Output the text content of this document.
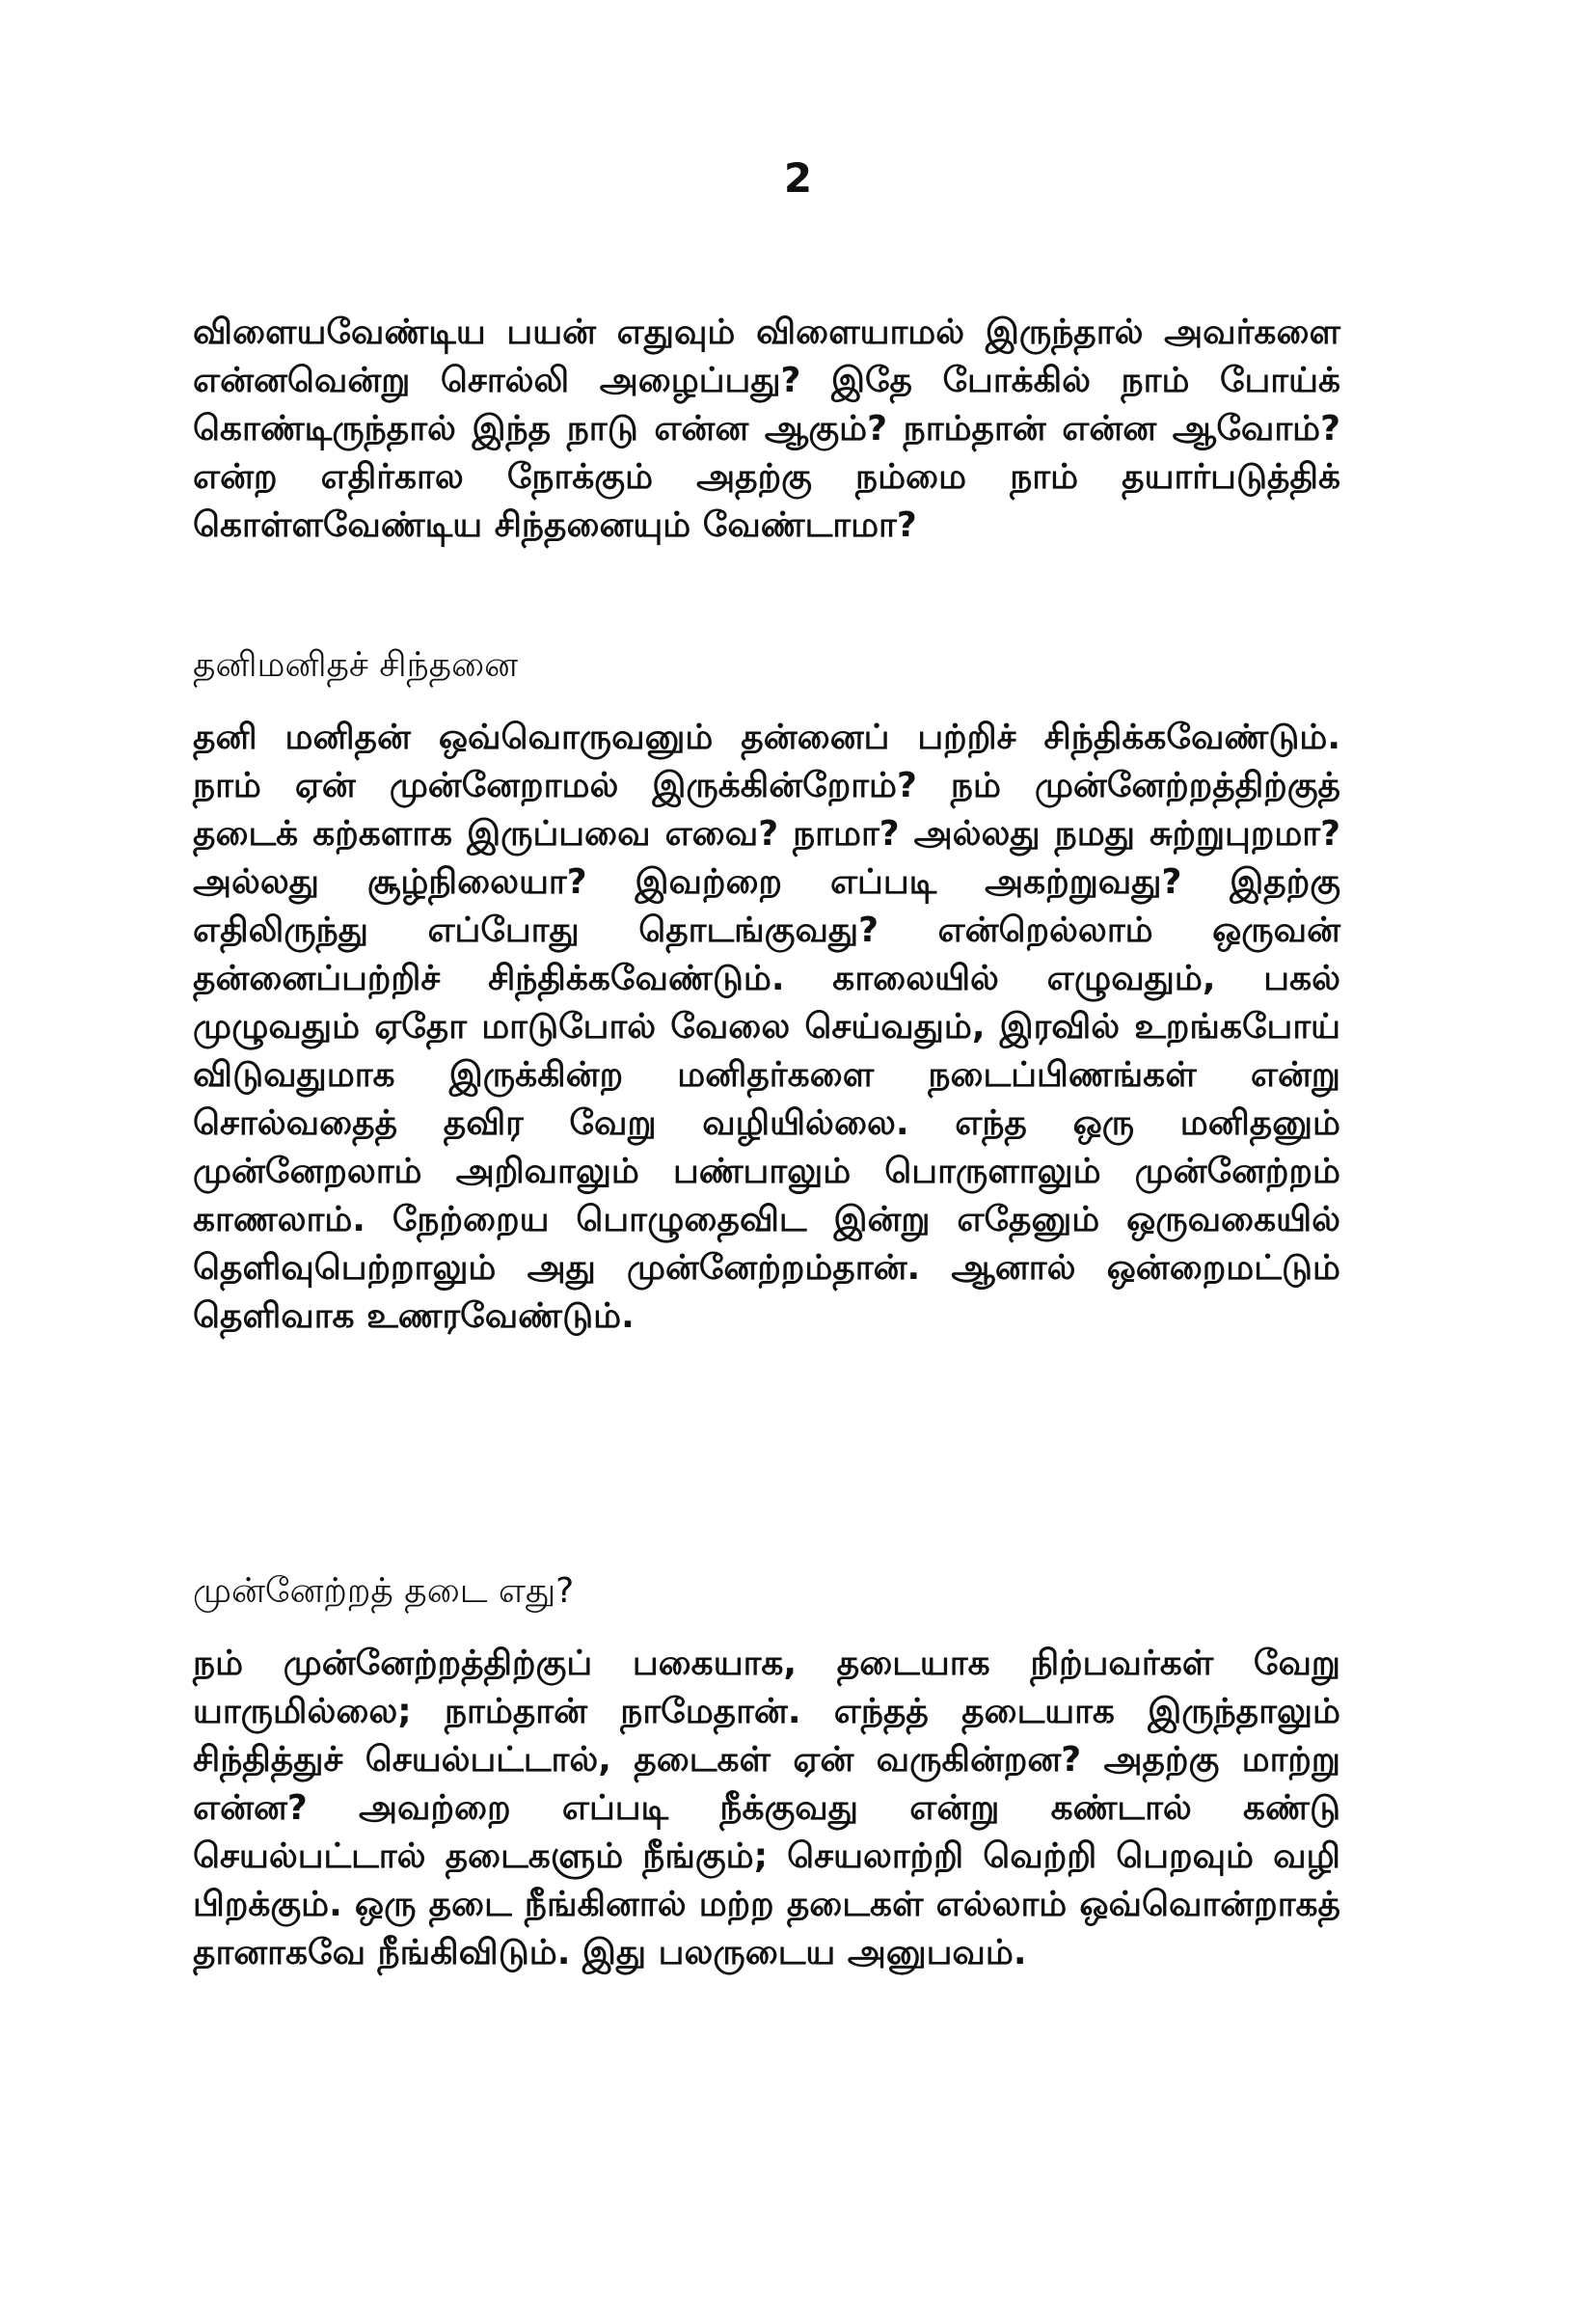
2

விளையவேண்டிய பயன் எதுவும் விளையாமல் இருந்தால் அவர்களை என்னவென்று சொல்லி அழைப்பது? இதே போக்கில் நாம் போய்க் கொண்டிருந்தால் இந்த நாடு என்ன ஆகும்? நாம்தான் என்ன ஆவோம்? என்ற எதிர்கால நோக்கும் அதற்கு நம்மை நாம் தயார்படுத்திக் கொள்ளவேண்டிய சிந்தனையும் வேண்டாமா?

தனிமனிதச் சிந்தனை

தனி மனிதன் ஒவ்வொருவனும் தன்னைப் பற்றிச் சிந்திக்கவேண்டும். நாம் ஏன் முன்னேறாமல் இருக்கின்றோம்? நம் முன்னேற்றத்திற்குத் தடைக் கற்களாக இருப்பவை எவை? நாமா? அல்லது நமது சுற்றுபுறமா? அல்லது சூழ்நிலையா? இவற்றை எப்படி அகற்றுவது? இதற்கு எதிலிருந்து எப்போது தொடங்குவது? என்றெல்லாம் ஒருவன் தன்னைப்பற்றிச் சிந்திக்கவேண்டும். காலையில் எழுவதும், பகல் முழுவதும் ஏதோ மாடுபோல் வேலை செய்வதும், இரவில் உறங்கபோய் விடுவதுமாக இருக்கின்ற மனிதர்களை நடைப்பிணங்கள் என்று சொல்வதைத் தவிர வேறு வழியில்லை. எந்த ஒரு மனிதனும் முன்னேறலாம் அறிவாலும் பண்பாலும் பொருளாலும் முன்னேற்றம் காணலாம். நேற்றைய பொழுதைவிட இன்று எதேனும் ஒருவகையில் தெளிவுபெற்றாலும் அது முன்னேற்றம்தான். ஆனால் ஒன்றைமட்டும் தெளிவாக உணரவேண்டும்.

முன்னேற்றத் தடை எது?

நம் முன்னேற்றத்திற்குப் பகையாக, தடையாக நிற்பவர்கள் வேறு யாருமில்லை; நாம்தான் நாமேதான். எந்தத் தடையாக இருந்தாலும் சிந்தித்துச் செயல்பட்டால், தடைகள் ஏன் வருகின்றன? அதற்கு மாற்று என்ன? அவற்றை எப்படி நீக்குவது என்று கண்டால் கண்டு செயல்பட்டால் தடைகளும் நீங்கும்; செயலாற்றி வெற்றி பெறவும் வழி பிறக்கும். ஒரு தடை நீங்கினால் மற்ற தடைகள் எல்லாம் ஒவ்வொன்றாகத் தானாகவே நீங்கிவிடும். இது பலருடைய அனுபவம்.
